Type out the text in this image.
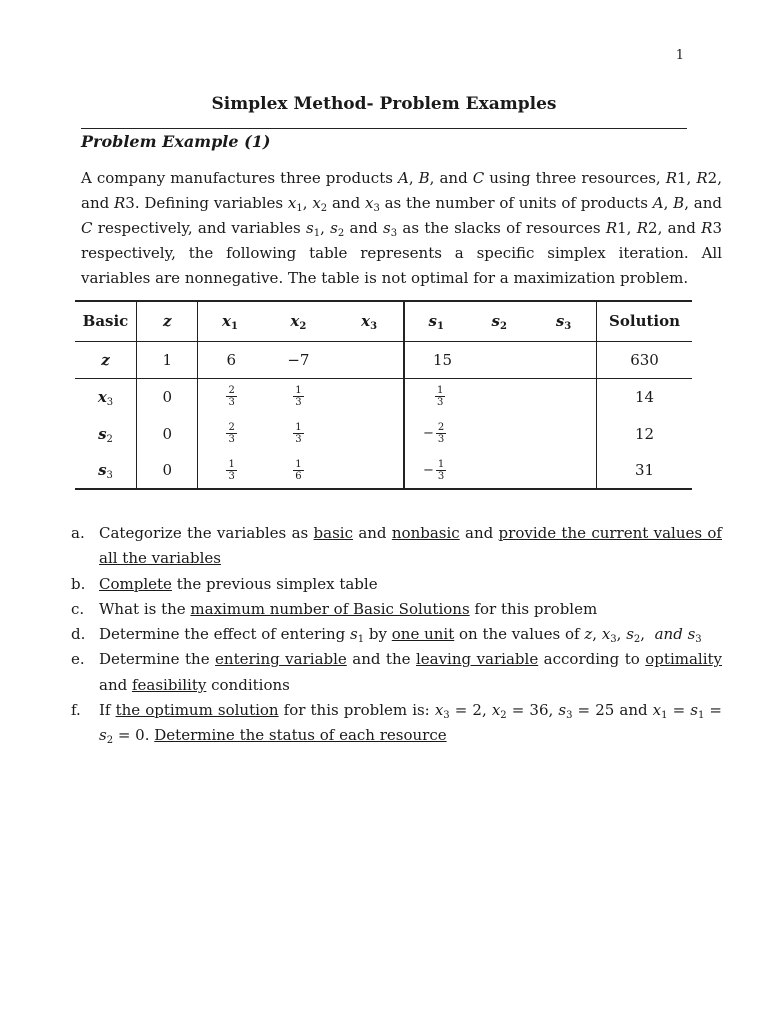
1
Simplex Method- Problem Examples
Problem Example (1)
A company manufactures three products A, B, and C using three resources, R1, R2, and R3. Defining variables $x_1$, $x_2$ and $x_3$ as the number of units of products A, B, and C respectively, and variables $s_1$, $s_2$ and $s_3$ as the slacks of resources R1, R2, and R3 respectively, the following table represents a specific simplex iteration. All variables are nonnegative. The table is not optimal for a maximization problem.
Basic	z	$x_1$	$x_2$	$x_3$	$s_1$	$s_2$	$s_3$	Solution
z	1	6	−7		15			630
$x_3$	0	$\frac{2}{3}$	$\frac{1}{3}$		$\frac{1}{3}$			14
$s_2$	0	$\frac{2}{3}$	$\frac{1}{3}$		− $\frac{2}{3}$			12
$s_3$	0	$\frac{1}{3}$	$\frac{1}{6}$		− $\frac{1}{3}$			31
a. Categorize the variables as basic and nonbasic and provide the current values of all the variables
b. Complete the previous simplex table
c. What is the maximum number of Basic Solutions for this problem
d. Determine the effect of entering $s_1$ by one unit on the values of z, $x_3$, $s_2$,  and $s_3$
e. Determine the entering variable and the leaving variable according to optimality and feasibility conditions
f. If the optimum solution for this problem is: $x_3 = 2$, $x_2 = 36$, $s_3 = 25$ and $x_1 = s_1 = s_2 = 0$. Determine the status of each resource
